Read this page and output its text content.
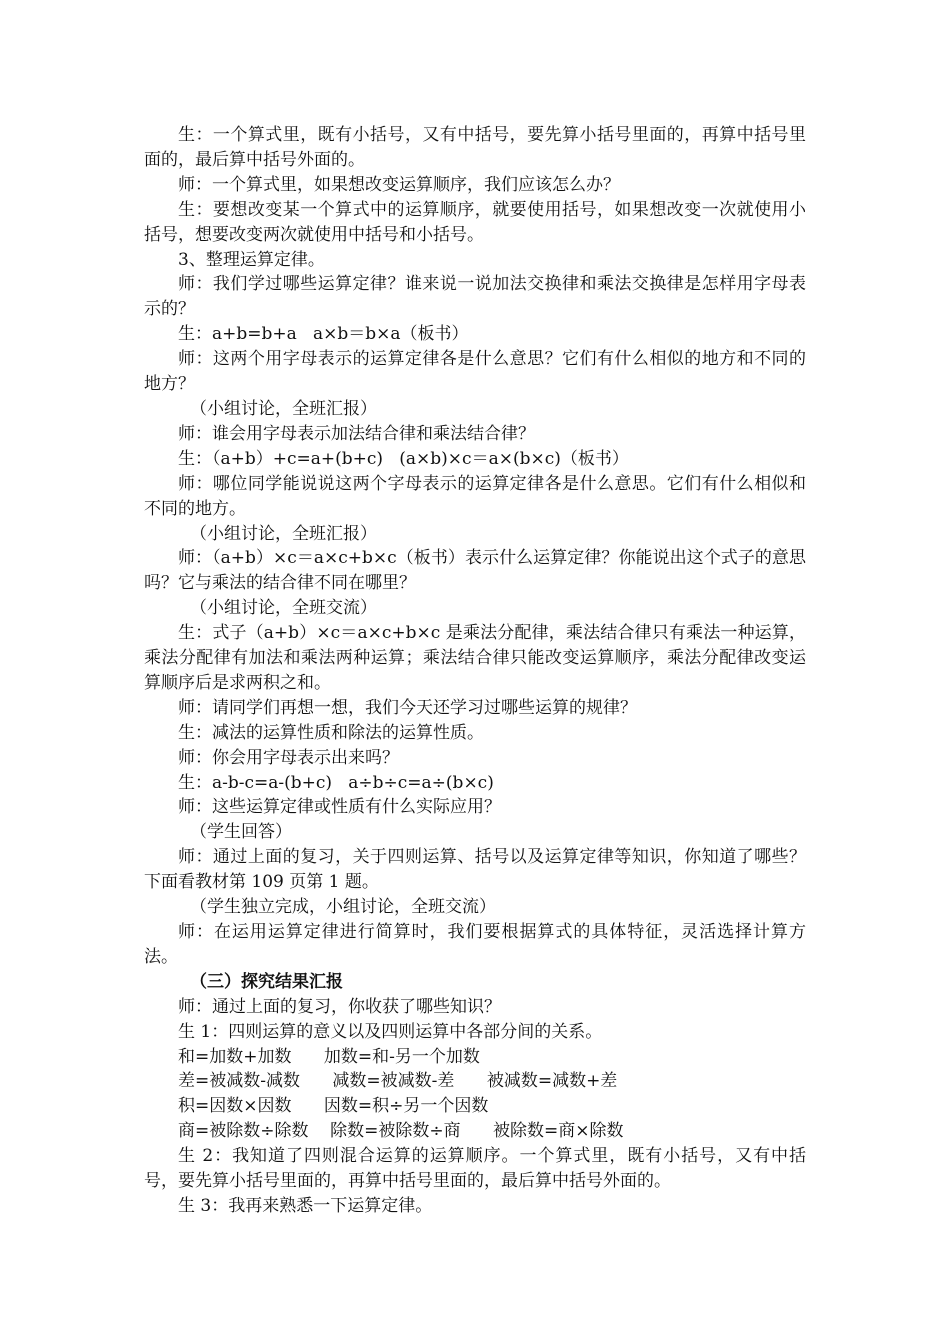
生：一个算式里，既有小括号，又有中括号，要先算小括号里面的，再算中括号里面的，最后算中括号外面的。

师：一个算式里，如果想改变运算顺序，我们应该怎么办？

生：要想改变某一个算式中的运算顺序，就要使用括号，如果想改变一次就使用小括号，想要改变两次就使用中括号和小括号。

3、整理运算定律。

师：我们学过哪些运算定律？谁来说一说加法交换律和乘法交换律是怎样用字母表示的？

生：a+b=b+a   a×b＝b×a（板书）

师：这两个用字母表示的运算定律各是什么意思？它们有什么相似的地方和不同的地方？

（小组讨论，全班汇报）

师：谁会用字母表示加法结合律和乘法结合律？

生：（a+b）+c=a+(b+c)   (a×b)×c＝a×(b×c)（板书）

师：哪位同学能说说这两个字母表示的运算定律各是什么意思。它们有什么相似和不同的地方。

（小组讨论，全班汇报）

师：（a+b）×c＝a×c+b×c（板书）表示什么运算定律？你能说出这个式子的意思吗？它与乘法的结合律不同在哪里？

（小组讨论，全班交流）

生：式子（a+b）×c＝a×c+b×c 是乘法分配律，乘法结合律只有乘法一种运算，乘法分配律有加法和乘法两种运算；乘法结合律只能改变运算顺序，乘法分配律改变运算顺序后是求两积之和。

师：请同学们再想一想，我们今天还学习过哪些运算的规律？

生：减法的运算性质和除法的运算性质。

师：你会用字母表示出来吗？

生：a-b-c=a-(b+c)   a÷b÷c=a÷(b×c)

师：这些运算定律或性质有什么实际应用？

（学生回答）

师：通过上面的复习，关于四则运算、括号以及运算定律等知识，你知道了哪些？下面看教材第 109 页第 1 题。

（学生独立完成，小组讨论，全班交流）

师：在运用运算定律进行简算时，我们要根据算式的具体特征，灵活选择计算方法。

（三）探究结果汇报

师：通过上面的复习，你收获了哪些知识？

生 1：四则运算的意义以及四则运算中各部分间的关系。

和=加数+加数      加数=和-另一个加数

差=被减数-减数      减数=被减数-差      被减数=减数+差

积=因数×因数      因数=积÷另一个因数

商=被除数÷除数    除数=被除数÷商      被除数=商×除数

生 2：我知道了四则混合运算的运算顺序。一个算式里，既有小括号，又有中括号，要先算小括号里面的，再算中括号里面的，最后算中括号外面的。

生 3：我再来熟悉一下运算定律。
